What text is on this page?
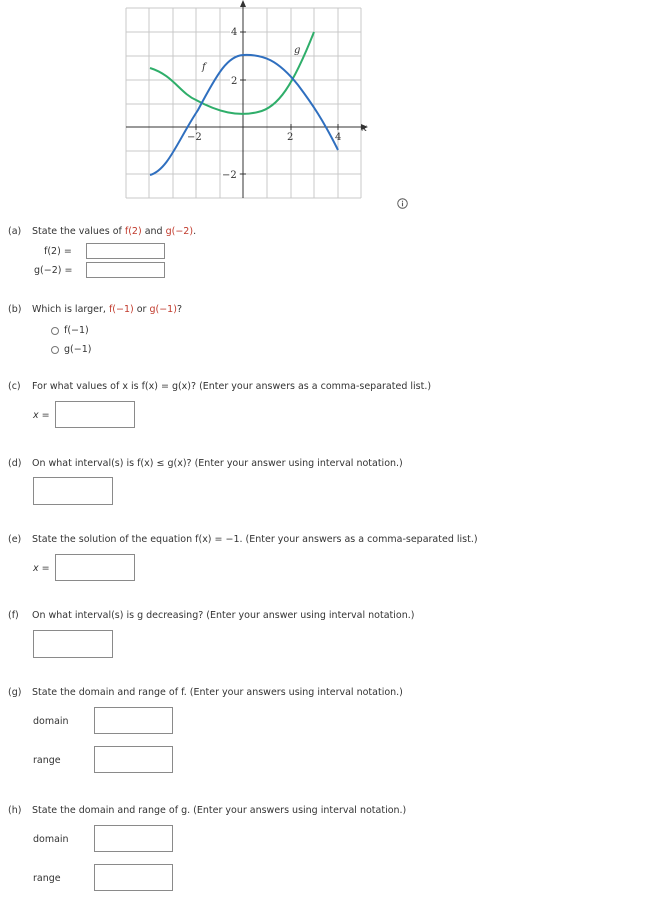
4
2
−2
−2	2	4
x
f
g
(a) State the values of f(2) and g(−2).
f(2) =
g(−2) =
(b) Which is larger, f(−1) or g(−1)?
f(−1)
g(−1)
(c) For what values of x is f(x) = g(x)? (Enter your answers as a comma-separated list.)
x =
(d) On what interval(s) is f(x) ≤ g(x)? (Enter your answer using interval notation.)
(e) State the solution of the equation f(x) = −1. (Enter your answers as a comma-separated list.)
x =
(f) On what interval(s) is g decreasing? (Enter your answer using interval notation.)
(g) State the domain and range of f. (Enter your answers using interval notation.)
domain
range
(h) State the domain and range of g. (Enter your answers using interval notation.)
domain
range
